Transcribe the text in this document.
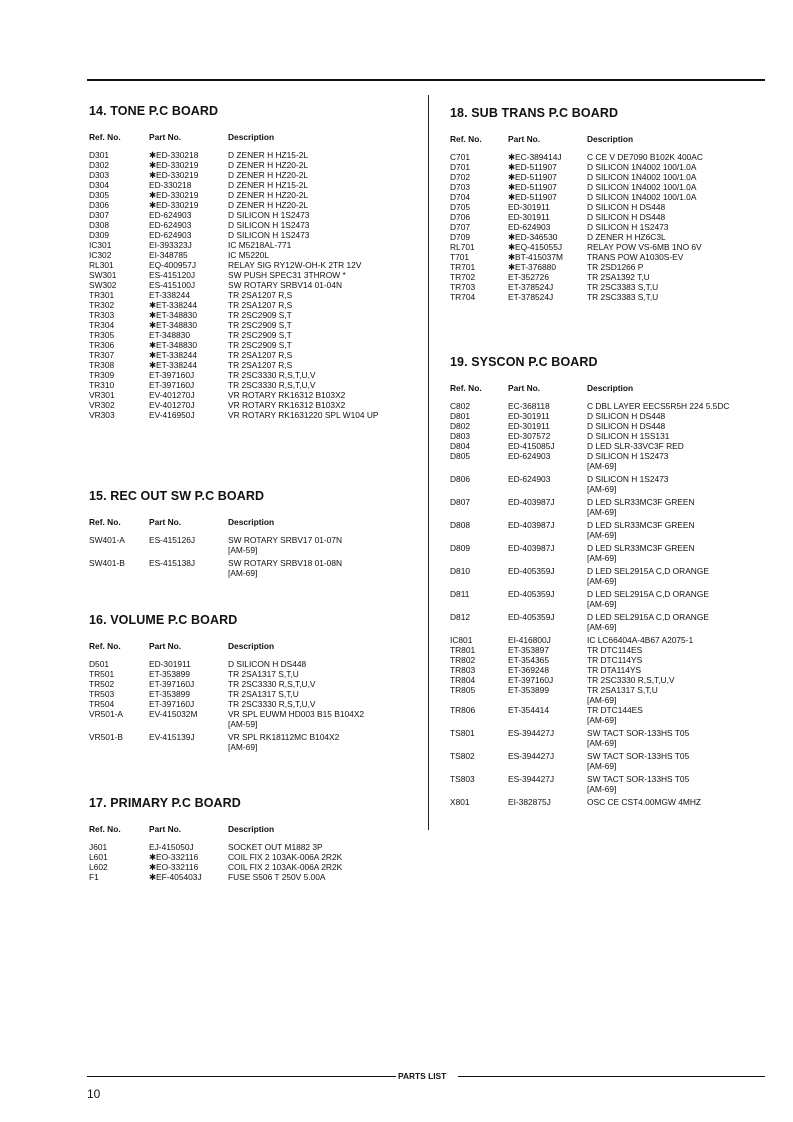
14. TONE P.C BOARD
Ref. No.	Part No.	Description
D301	✱ED-330218	D ZENER H HZ15-2L
D302	✱ED-330219	D ZENER H HZ20-2L
D303	✱ED-330219	D ZENER H HZ20-2L
D304	ED-330218	D ZENER H HZ15-2L
D305	✱ED-330219	D ZENER H HZ20-2L
D306	✱ED-330219	D ZENER H HZ20-2L
D307	ED-624903	D SILICON H 1S2473
D308	ED-624903	D SILICON H 1S2473
D309	ED-624903	D SILICON H 1S2473
IC301	EI-393323J	IC M5218AL-771
IC302	EI-348785	IC M5220L
RL301	EQ-400957J	RELAY SIG RY12W-OH-K 2TR 12V
SW301	ES-415120J	SW PUSH SPEC31 3THROW *
SW302	ES-415100J	SW ROTARY SRBV14 01-04N
TR301	ET-338244	TR 2SA1207 R,S
TR302	✱ET-338244	TR 2SA1207 R,S
TR303	✱ET-348830	TR 2SC2909 S,T
TR304	✱ET-348830	TR 2SC2909 S,T
TR305	ET-348830	TR 2SC2909 S,T
TR306	✱ET-348830	TR 2SC2909 S,T
TR307	✱ET-338244	TR 2SA1207 R,S
TR308	✱ET-338244	TR 2SA1207 R,S
TR309	ET-397160J	TR 2SC3330 R,S,T,U,V
TR310	ET-397160J	TR 2SC3330 R,S,T,U,V
VR301	EV-401270J	VR ROTARY RK16312 B103X2
VR302	EV-401270J	VR ROTARY RK16312 B103X2
VR303	EV-416950J	VR ROTARY RK1631220 SPL W104 UP
15. REC OUT SW P.C BOARD
Ref. No.	Part No.	Description
SW401-A	ES-415126J	SW ROTARY SRBV17 01-07N
[AM-59]
SW401-B	ES-415138J	SW ROTARY SRBV18 01-08N
[AM-69]
16. VOLUME P.C BOARD
Ref. No.	Part No.	Description
D501	ED-301911	D SILICON H DS448
TR501	ET-353899	TR 2SA1317 S,T,U
TR502	ET-397160J	TR 2SC3330 R,S,T,U,V
TR503	ET-353899	TR 2SA1317 S,T,U
TR504	ET-397160J	TR 2SC3330 R,S,T,U,V
VR501-A	EV-415032M	VR SPL EUWM HD003 B15 B104X2
[AM-59]
VR501-B	EV-415139J	VR SPL RK18112MC B104X2
[AM-69]
17. PRIMARY P.C BOARD
Ref. No.	Part No.	Description
J601	EJ-415050J	SOCKET OUT M1882 3P
L601	✱EO-332116	COIL FIX 2 103AK-006A 2R2K
L602	✱EO-332116	COIL FIX 2 103AK-006A 2R2K
F1	✱EF-405403J	FUSE S506 T 250V 5.00A
18. SUB TRANS P.C BOARD
Ref. No.	Part No.	Description
C701	✱EC-389414J	C CE V DE7090 B102K 400AC
D701	✱ED-511907	D SILICON 1N4002 100/1.0A
D702	✱ED-511907	D SILICON 1N4002 100/1.0A
D703	✱ED-511907	D SILICON 1N4002 100/1.0A
D704	✱ED-511907	D SILICON 1N4002 100/1.0A
D705	ED-301911	D SILICON H DS448
D706	ED-301911	D SILICON H DS448
D707	ED-624903	D SILICON H 1S2473
D709	✱ED-346530	D ZENER H HZ6C3L
RL701	✱EQ-415055J	RELAY POW VS-6MB 1NO 6V
T701	✱BT-415037M	TRANS POW A1030S-EV
TR701	✱ET-376880	TR 2SD1266 P
TR702	ET-352726	TR 2SA1392 T,U
TR703	ET-378524J	TR 2SC3383 S,T,U
TR704	ET-378524J	TR 2SC3383 S,T,U
19. SYSCON P.C BOARD
Ref. No.	Part No.	Description
C802	EC-368118	C DBL LAYER EECS5R5H 224 5.5DC
D801	ED-301911	D SILICON H DS448
D802	ED-301911	D SILICON H DS448
D803	ED-307572	D SILICON H 1SS131
D804	ED-415085J	D LED SLR-33VC3F RED
D805	ED-624903	D SILICON H 1S2473
[AM-69]
D806	ED-624903	D SILICON H 1S2473
[AM-69]
D807	ED-403987J	D LED SLR33MC3F GREEN
[AM-69]
D808	ED-403987J	D LED SLR33MC3F GREEN
[AM-69]
D809	ED-403987J	D LED SLR33MC3F GREEN
[AM-69]
D810	ED-405359J	D LED SEL2915A C,D ORANGE
[AM-69]
D811	ED-405359J	D LED SEL2915A C,D ORANGE
[AM-69]
D812	ED-405359J	D LED SEL2915A C,D ORANGE
[AM-69]
IC801	EI-416800J	IC LC66404A-4B67 A2075-1
TR801	ET-353897	TR DTC114ES
TR802	ET-354365	TR DTC114YS
TR803	ET-369248	TR DTA114YS
TR804	ET-397160J	TR 2SC3330 R,S,T,U,V
TR805	ET-353899	TR 2SA1317 S,T,U
[AM-69]
TR806	ET-354414	TR DTC144ES
[AM-69]
TS801	ES-394427J	SW TACT SOR-133HS T05
[AM-69]
TS802	ES-394427J	SW TACT SOR-133HS T05
[AM-69]
TS803	ES-394427J	SW TACT SOR-133HS T05
[AM-69]
X801	EI-382875J	OSC CE CST4.00MGW 4MHZ
PARTS LIST
10
